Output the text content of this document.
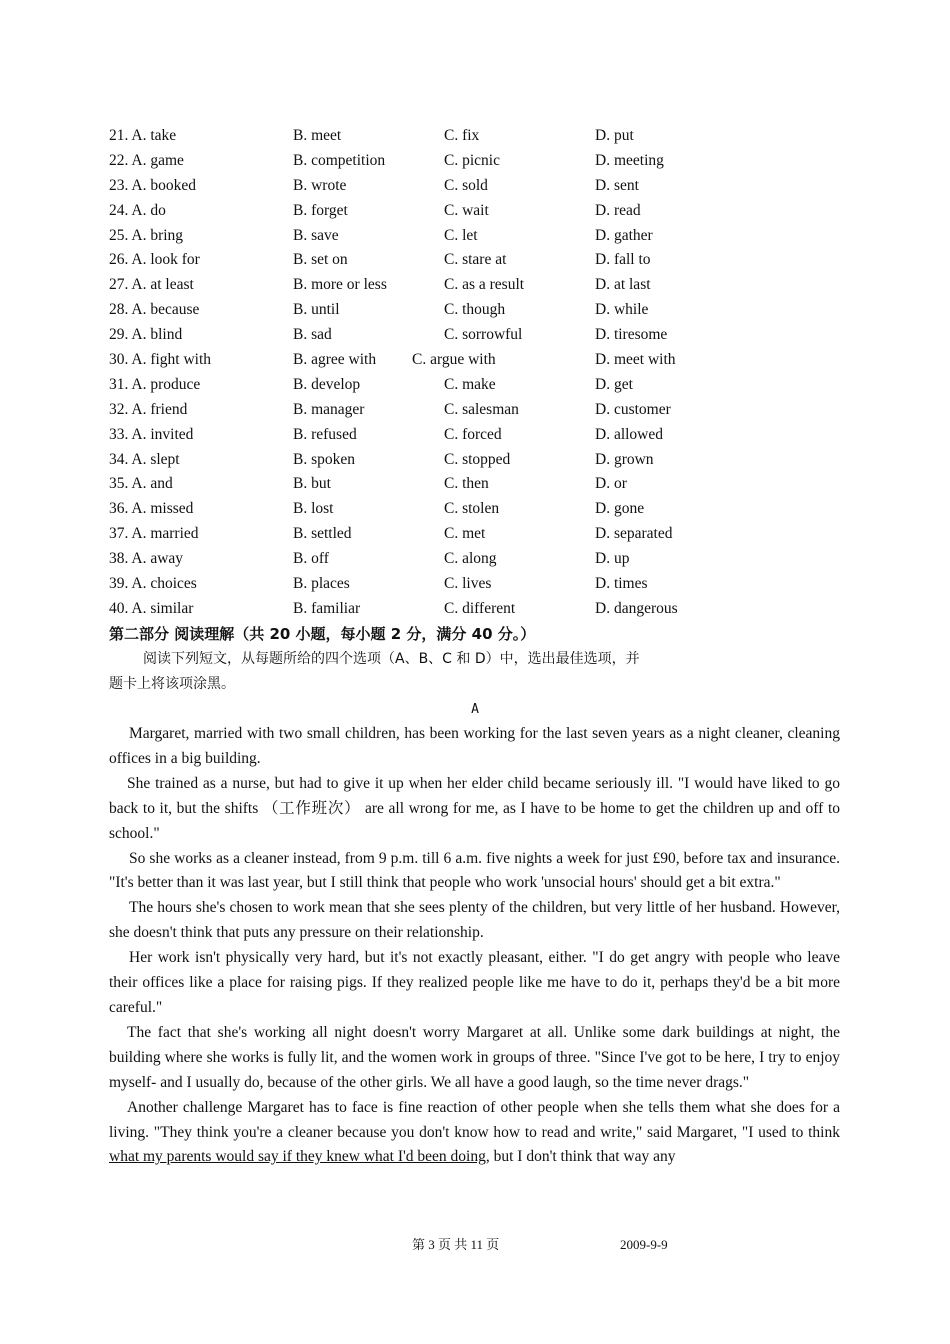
21. A. take	B. meet	C. fix	D. put
22. A. game	B. competition	C. picnic	D. meeting
23. A. booked	B. wrote	C. sold	D. sent
24. A. do	B. forget	C. wait	D. read
25. A. bring	B. save	C. let	D. gather
26. A. look for	B. set on	C. stare at	D. fall to
27. A. at least	B. more or less	C. as a result	D. at last
28. A. because	B. until	C. though	D. while
29. A. blind	B. sad	C. sorrowful	D. tiresome
30. A. fight with	B. agree with C. argue with	D. meet with
31. A. produce	B. develop	C. make	D. get
32. A. friend	B. manager	C. salesman	D. customer
33. A. invited	B. refused	C. forced	D. allowed
34. A. slept	B. spoken	C. stopped	D. grown
35. A. and	B. but	C. then	D. or
36. A. missed	B. lost	C. stolen	D. gone
37. A. married	B. settled	C. met	D. separated
38. A. away	B. off	C. along	D. up
39. A. choices	B. places	C. lives	D. times
40. A. similar	B. familiar	C. different	D. dangerous
第二部分 阅读理解（共 20 小题，每小题 2 分，满分 40 分。）
阅读下列短文，从每题所给的四个选项（A、B、C 和 D）中，选出最佳选项，并
题卡上将该项涂黑。
A

Margaret, married with two small children, has been working for the last seven years as a night cleaner, cleaning offices in a big building.

She trained as a nurse, but had to give it up when her elder child became seriously ill. "I would have liked to go back to it, but the shifts （工作班次） are all wrong for me, as I have to be home to get the children up and off to school."

So she works as a cleaner instead, from 9 p.m. till 6 a.m. five nights a week for just £90, before tax and insurance. "It's better than it was last year, but I still think that people who work 'unsocial hours' should get a bit extra."

The hours she's chosen to work mean that she sees plenty of the children, but very little of her husband. However, she doesn't think that puts any pressure on their relationship.

Her work isn't physically very hard, but it's not exactly pleasant, either. "I do get angry with people who leave their offices like a place for raising pigs. If they realized people like me have to do it, perhaps they'd be a bit more careful."

The fact that she's working all night doesn't worry Margaret at all. Unlike some dark buildings at night, the building where she works is fully lit, and the women work in groups of three. "Since I've got to be here, I try to enjoy myself- and I usually do, because of the other girls. We all have a good laugh, so the time never drags."

Another challenge Margaret has to face is fine reaction of other people when she tells them what she does for a living. "They think you're a cleaner because you don't know how to read and write," said Margaret, "I used to think what my parents would say if they knew what I'd been doing, but I don't think that way any

第 3 页 共 11 页	2009-9-9
